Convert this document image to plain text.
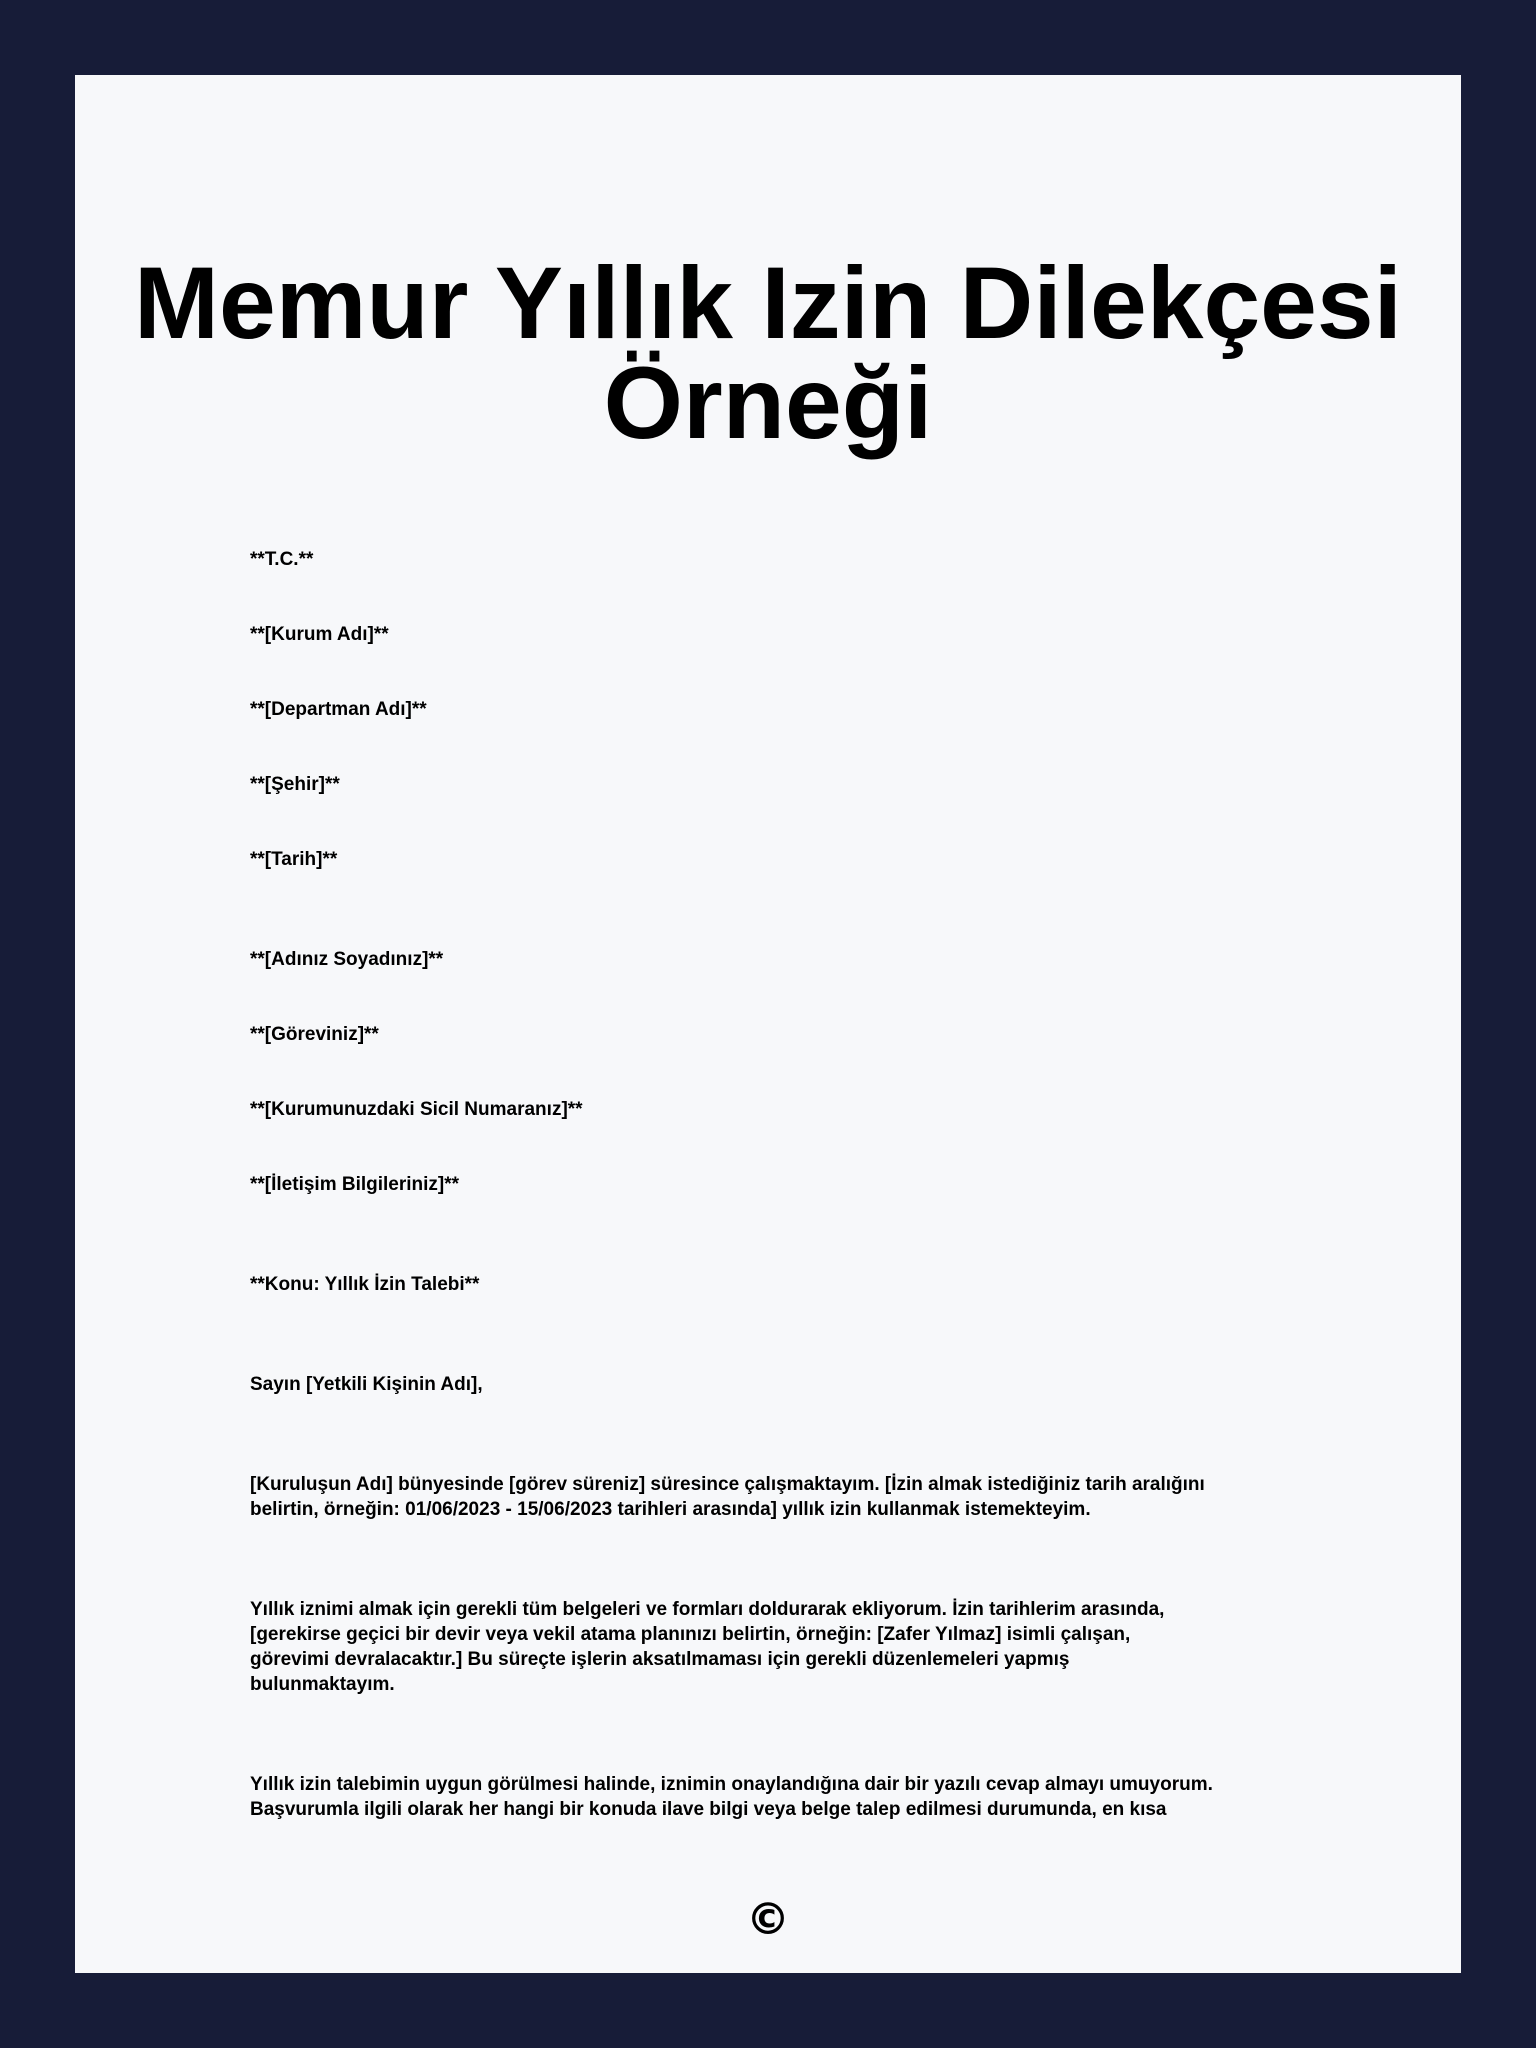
Memur Yıllık Izin Dilekçesi
Örneği

**T.C.**

**[Kurum Adı]**

**[Departman Adı]**

**[Şehir]**

**[Tarih]**

**[Adınız Soyadınız]**

**[Göreviniz]**

**[Kurumunuzdaki Sicil Numaranız]**

**[İletişim Bilgileriniz]**

**Konu: Yıllık İzin Talebi**

Sayın [Yetkili Kişinin Adı],

[Kuruluşun Adı] bünyesinde [görev süreniz] süresince çalışmaktayım. [İzin almak istediğiniz tarih aralığını
belirtin, örneğin: 01/06/2023 - 15/06/2023 tarihleri arasında] yıllık izin kullanmak istemekteyim.
Yıllık iznimi almak için gerekli tüm belgeleri ve formları doldurarak ekliyorum. İzin tarihlerim arasında,
[gerekirse geçici bir devir veya vekil atama planınızı belirtin, örneğin: [Zafer Yılmaz] isimli çalışan,
görevimi devralacaktır.] Bu süreçte işlerin aksatılmaması için gerekli düzenlemeleri yapmış
bulunmaktayım.
Yıllık izin talebimin uygun görülmesi halinde, iznimin onaylandığına dair bir yazılı cevap almayı umuyorum.
Başvurumla ilgili olarak her hangi bir konuda ilave bilgi veya belge talep edilmesi durumunda, en kısa
©
